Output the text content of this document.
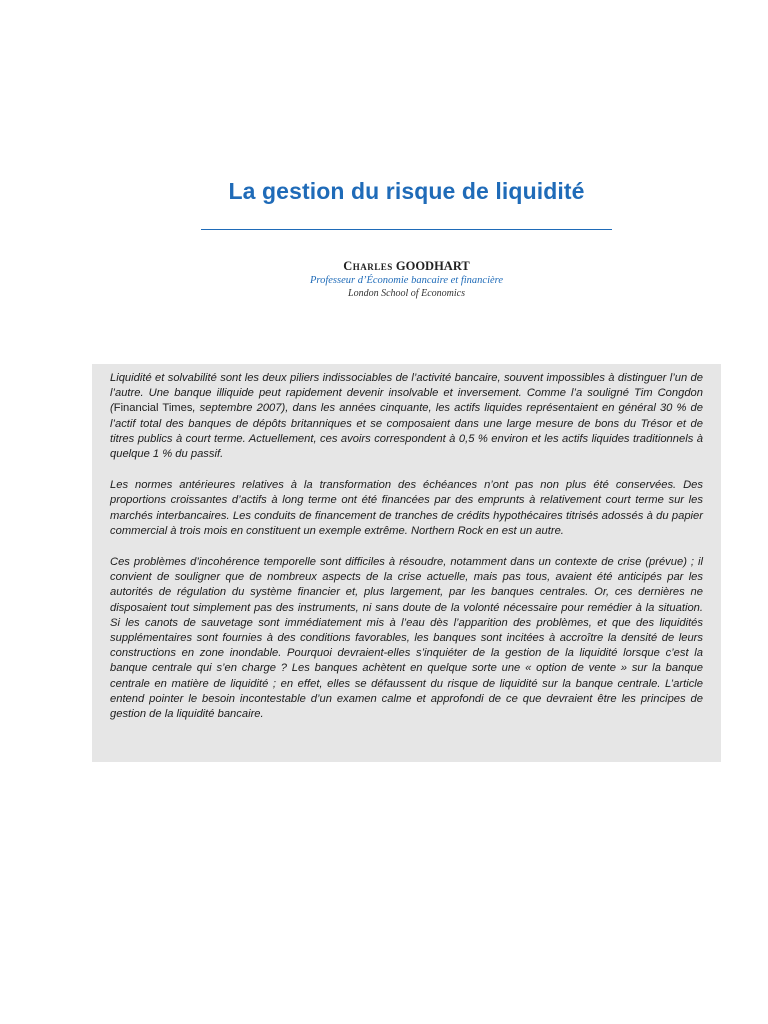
La gestion du risque de liquidité
Charles GOODHART
Professeur d’Économie bancaire et financière
London School of Economics

Liquidité et solvabilité sont les deux piliers indissociables de l’activité bancaire, souvent impossibles à distinguer l’un de l’autre. Une banque illiquide peut rapidement devenir insolvable et inversement. Comme l’a souligné Tim Congdon (Financial Times, septembre 2007), dans les années cinquante, les actifs liquides représentaient en général 30 % de l’actif total des banques de dépôts britanniques et se composaient dans une large mesure de bons du Trésor et de titres publics à court terme. Actuellement, ces avoirs correspondent à 0,5 % environ et les actifs liquides traditionnels à quelque 1 % du passif.

Les normes antérieures relatives à la transformation des échéances n’ont pas non plus été conservées. Des proportions croissantes d’actifs à long terme ont été financées par des emprunts à relativement court terme sur les marchés interbancaires. Les conduits de financement de tranches de crédits hypothécaires titrisés adossés à du papier commercial à trois mois en constituent un exemple extrême. Northern Rock en est un autre.

Ces problèmes d’incohérence temporelle sont difficiles à résoudre, notamment dans un contexte de crise (prévue) ; il convient de souligner que de nombreux aspects de la crise actuelle, mais pas tous, avaient été anticipés par les autorités de régulation du système financier et, plus largement, par les banques centrales. Or, ces dernières ne disposaient tout simplement pas des instruments, ni sans doute de la volonté nécessaire pour remédier à la situation. Si les canots de sauvetage sont immédiatement mis à l’eau dès l’apparition des problèmes, et que des liquidités supplémentaires sont fournies à des conditions favorables, les banques sont incitées à accroître la densité de leurs constructions en zone inondable. Pourquoi devraient-elles s’inquiéter de la gestion de la liquidité lorsque c’est la banque centrale qui s’en charge ? Les banques achètent en quelque sorte une « option de vente » sur la banque centrale en matière de liquidité ; en effet, elles se défaussent du risque de liquidité sur la banque centrale. L’article entend pointer le besoin incontestable d’un examen calme et approfondi de ce que devraient être les principes de gestion de la liquidité bancaire.
